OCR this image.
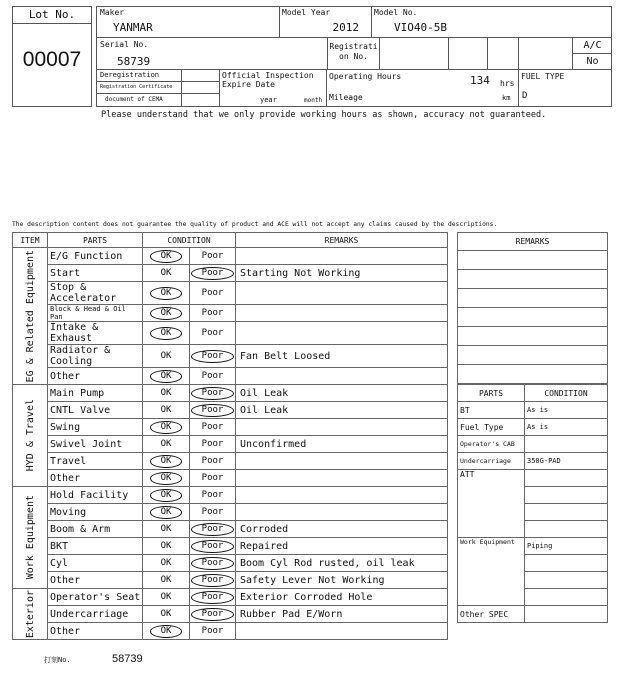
Lot No.
00007
Maker
YANMAR
Model Year
2012
Model No.
VIO40-5B
Serial No.
58739
Registrati on No.
A/C
No
Deregistration
Registration Certificate
document of CEMA
Official Inspection
Expire Date
year	month
Operating Hours	134 hrs
Mileage	km
FUEL TYPE
D
Please understand that we only provide working hours as shown, accuracy not guaranteed.
The description content does not guarantee the quality of product and ACE will not accept any claims caused by the descriptions.
ITEM	PARTS	CONDITION		REMARKS

EG & Related Equipment	E/G Function	OK	Poor	
	Start	OK	Poor	Starting Not Working
	Stop & Accelerator	OK	Poor	
	Block & Head & Oil Pan	OK	Poor	
	Intake & Exhaust	OK	Poor	
	Radiator & Cooling	OK	Poor	Fan Belt Loosed
	Other	OK	Poor	

HYD & Travel	Main Pump	OK	Poor	Oil Leak
	CNTL Valve	OK	Poor	Oil Leak
	Swing	OK	Poor	
	Swivel Joint	OK	Poor	Unconfirmed
	Travel	OK	Poor	
	Other	OK	Poor	

Work Equipment	Hold Facility	OK	Poor	
	Moving	OK	Poor	
	Boom & Arm	OK	Poor	Corroded
	BKT	OK	Poor	Repaired
	Cyl	OK	Poor	Boom Cyl Rod rusted, oil leak
	Other	OK	Poor	Safety Lever Not Working

Exterior	Operator's Seat	OK	Poor	Exterior Corroded Hole
	Undercarriage	OK	Poor	Rubber Pad E/Worn
	Other	OK	Poor	
REMARKS

PARTS	CONDITION
BT	As is
Fuel Type	As is
Operator's CAB	
Undercarriage	350G-PAD
ATT	

Work Equipment	Piping

Other SPEC	
打刻No.	58739
